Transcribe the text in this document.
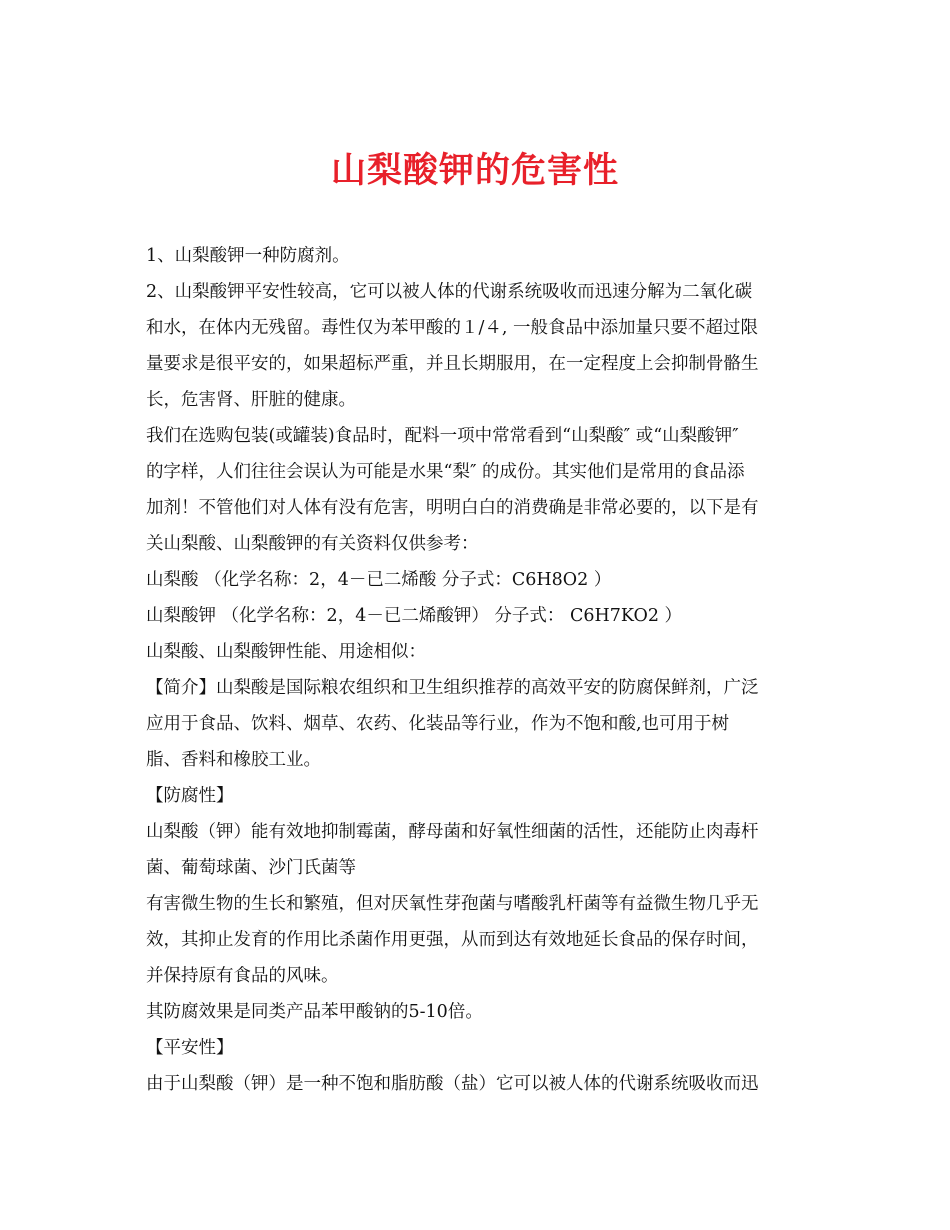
山梨酸钾的危害性

1、山梨酸钾一种防腐剂。

2、山梨酸钾平安性较高，它可以被人体的代谢系统吸收而迅速分解为二氧化碳

和水，在体内无残留。毒性仅为苯甲酸的１/４, 一般食品中添加量只要不超过限

量要求是很平安的，如果超标严重，并且长期服用，在一定程度上会抑制骨骼生

长，危害肾、肝脏的健康。

我们在选购包装(或罐装)食品时，配料一项中常常看到“山梨酸″ 或“山梨酸钾″

的字样，人们往往会误认为可能是水果“梨″ 的成份。其实他们是常用的食品添

加剂！不管他们对人体有没有危害，明明白白的消费确是非常必要的，以下是有

关山梨酸、山梨酸钾的有关资料仅供参考：

山梨酸 （化学名称：2，4－已二烯酸 分子式：C6H8O2 ）

山梨酸钾 （化学名称：2，4－已二烯酸钾） 分子式： C6H7KO2 ）

山梨酸、山梨酸钾性能、用途相似：

【简介】山梨酸是国际粮农组织和卫生组织推荐的高效平安的防腐保鲜剂，广泛

应用于食品、饮料、烟草、农药、化装品等行业，作为不饱和酸,也可用于树

脂、香料和橡胶工业。

【防腐性】

山梨酸（钾）能有效地抑制霉菌，酵母菌和好氧性细菌的活性，还能防止肉毒杆

菌、葡萄球菌、沙门氏菌等

有害微生物的生长和繁殖，但对厌氧性芽孢菌与嗜酸乳杆菌等有益微生物几乎无

效，其抑止发育的作用比杀菌作用更强，从而到达有效地延长食品的保存时间，

并保持原有食品的风味。

其防腐效果是同类产品苯甲酸钠的5-10倍。

【平安性】

由于山梨酸（钾）是一种不饱和脂肪酸（盐）它可以被人体的代谢系统吸收而迅
